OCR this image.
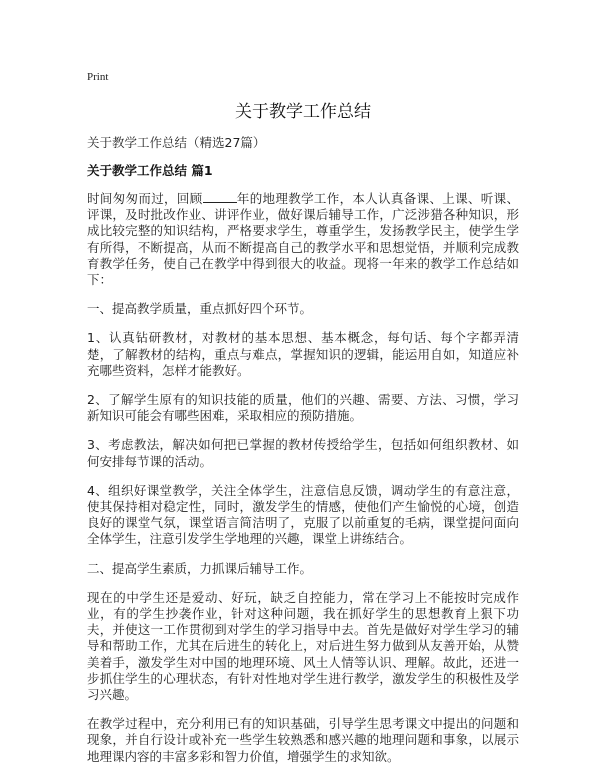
Print
关于教学工作总结
关于教学工作总结（精选27篇）
关于教学工作总结 篇1

时间匆匆而过，回顾	年的地理教学工作，本人认真备课、上课、听课、评课，及时批改作业、讲评作业，做好课后辅导工作，广泛涉猎各种知识，形成比较完整的知识结构，严格要求学生，尊重学生，发扬教学民主，使学生学有所得，不断提高，从而不断提高自己的教学水平和思想觉悟，并顺利完成教育教学任务，使自己在教学中得到很大的收益。现将一年来的教学工作总结如下：

一、提高教学质量，重点抓好四个环节。

1、认真钻研教材，对教材的基本思想、基本概念，每句话、每个字都弄清楚，了解教材的结构，重点与难点，掌握知识的逻辑，能运用自如，知道应补充哪些资料，怎样才能教好。

2、了解学生原有的知识技能的质量，他们的兴趣、需要、方法、习惯，学习新知识可能会有哪些困难，采取相应的预防措施。

3、考虑教法，解决如何把已掌握的教材传授给学生，包括如何组织教材、如何安排每节课的活动。

4、组织好课堂教学，关注全体学生，注意信息反馈，调动学生的有意注意，使其保持相对稳定性，同时，激发学生的情感，使他们产生愉悦的心境，创造良好的课堂气氛，课堂语言简洁明了，克服了以前重复的毛病，课堂提问面向全体学生，注意引发学生学地理的兴趣，课堂上讲练结合。

二、提高学生素质，力抓课后辅导工作。

现在的中学生还是爱动、好玩，缺乏自控能力，常在学习上不能按时完成作业，有的学生抄袭作业，针对这种问题，我在抓好学生的思想教育上狠下功夫，并使这一工作贯彻到对学生的学习指导中去。首先是做好对学生学习的辅导和帮助工作，尤其在后进生的转化上，对后进生努力做到从友善开始，从赞美着手，激发学生对中国的地理环境、风土人情等认识、理解。故此，还进一步抓住学生的心理状态，有针对性地对学生进行教学，激发学生的积极性及学习兴趣。

在教学过程中，充分利用已有的知识基础，引导学生思考课文中提出的问题和现象，并自行设计或补充一些学生较熟悉和感兴趣的地理问题和事象，以展示地理课内容的丰富多彩和智力价值，增强学生的求知欲。
